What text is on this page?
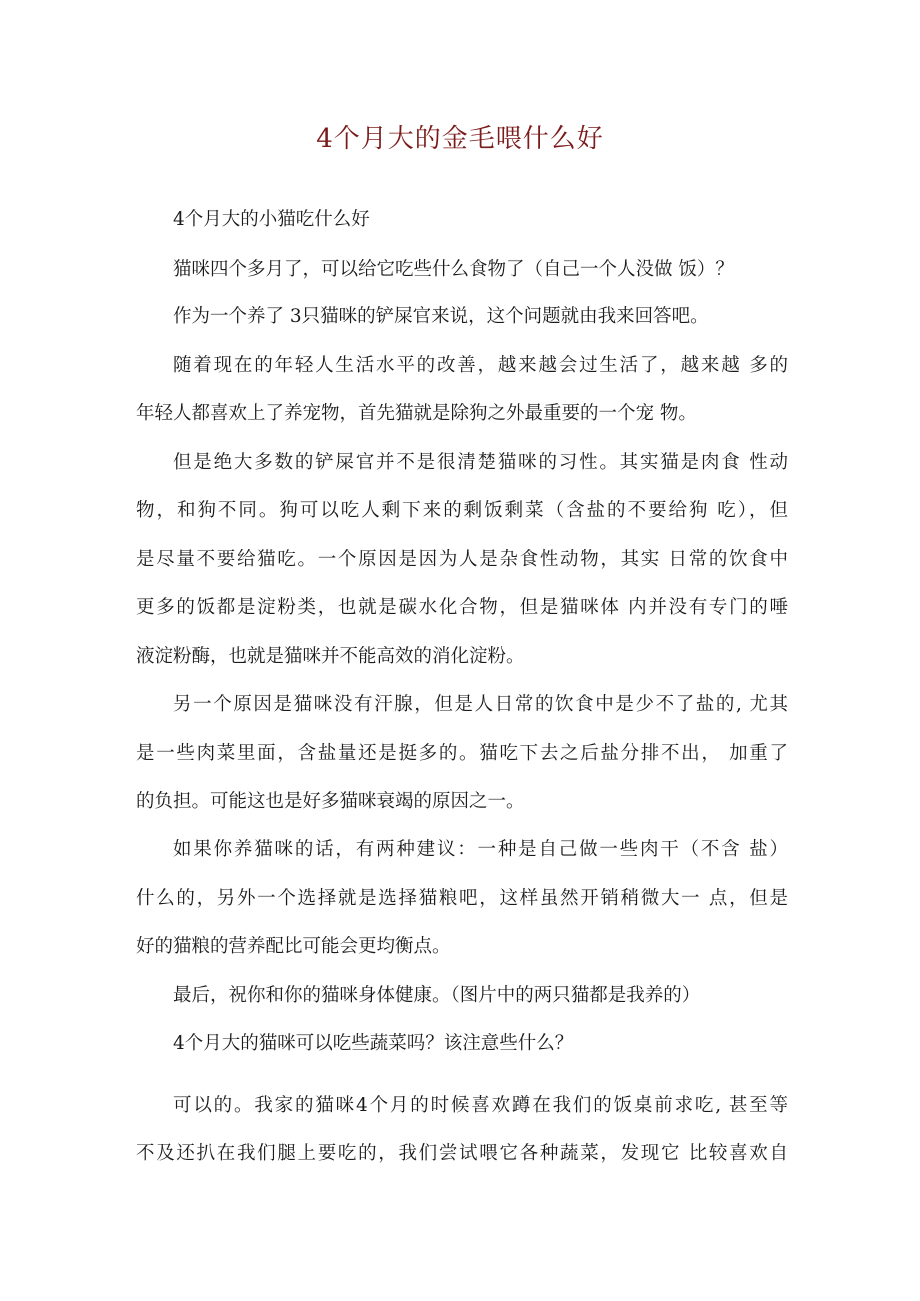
4个月大的金毛喂什么好
4个月大的小猫吃什么好
猫咪四个多月了，可以给它吃些什么食物了（自己一个人没做 饭）？
作为一个养了 3只猫咪的铲屎官来说，这个问题就由我来回答吧。
随着现在的年轻人生活水平的改善，越来越会过生活了，越来越 多的
年轻人都喜欢上了养宠物，首先猫就是除狗之外最重要的一个宠 物。
但是绝大多数的铲屎官并不是很清楚猫咪的习性。其实猫是肉食 性动
物，和狗不同。狗可以吃人剩下来的剩饭剩菜（含盐的不要给狗 吃），但
是尽量不要给猫吃。一个原因是因为人是杂食性动物，其实 日常的饮食中
更多的饭都是淀粉类，也就是碳水化合物，但是猫咪体 内并没有专门的唾
液淀粉酶，也就是猫咪并不能高效的消化淀粉。
另一个原因是猫咪没有汗腺，但是人日常的饮食中是少不了盐的, 尤其
是一些肉菜里面，含盐量还是挺多的。猫吃下去之后盐分排不出， 加重了
的负担。可能这也是好多猫咪衰竭的原因之一。
如果你养猫咪的话，有两种建议：一种是自己做一些肉干（不含 盐）
什么的，另外一个选择就是选择猫粮吧，这样虽然开销稍微大一 点，但是
好的猫粮的营养配比可能会更均衡点。
最后，祝你和你的猫咪身体健康。（图片中的两只猫都是我养的）
4个月大的猫咪可以吃些蔬菜吗？该注意些什么？
可以的。我家的猫咪4个月的时候喜欢蹲在我们的饭桌前求吃, 甚至等
不及还扒在我们腿上要吃的，我们尝试喂它各种蔬菜，发现它 比较喜欢自
